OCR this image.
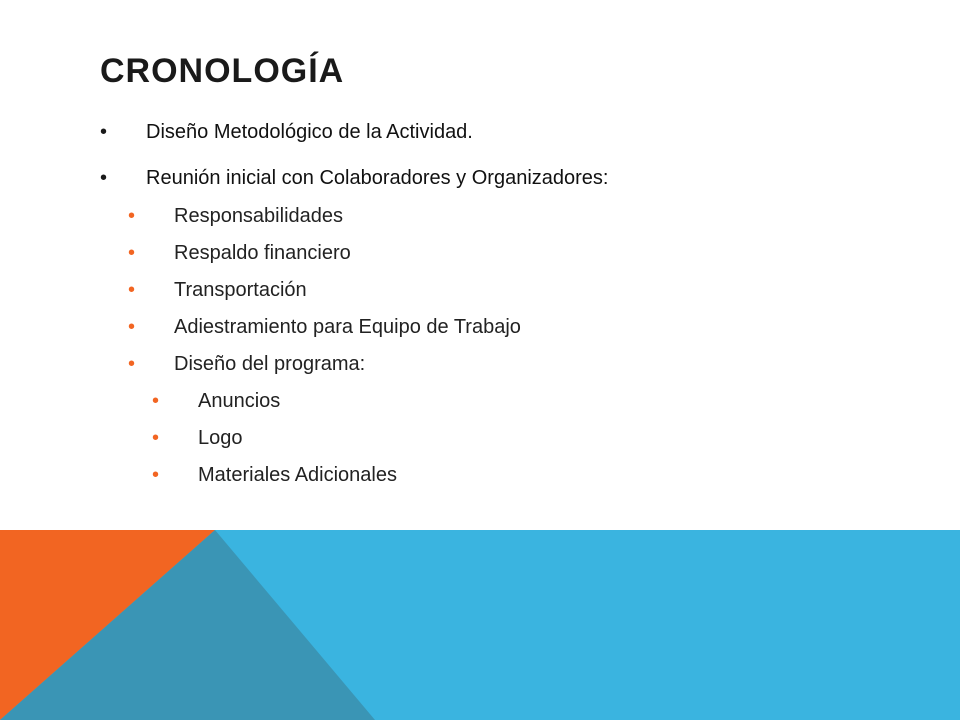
CRONOLOGÍA
• Diseño Metodológico de la Actividad.
• Reunión inicial con Colaboradores y Organizadores:
• Responsabilidades
• Respaldo financiero
• Transportación
• Adiestramiento para Equipo de Trabajo
• Diseño del programa:
• Anuncios
• Logo
• Materiales Adicionales
